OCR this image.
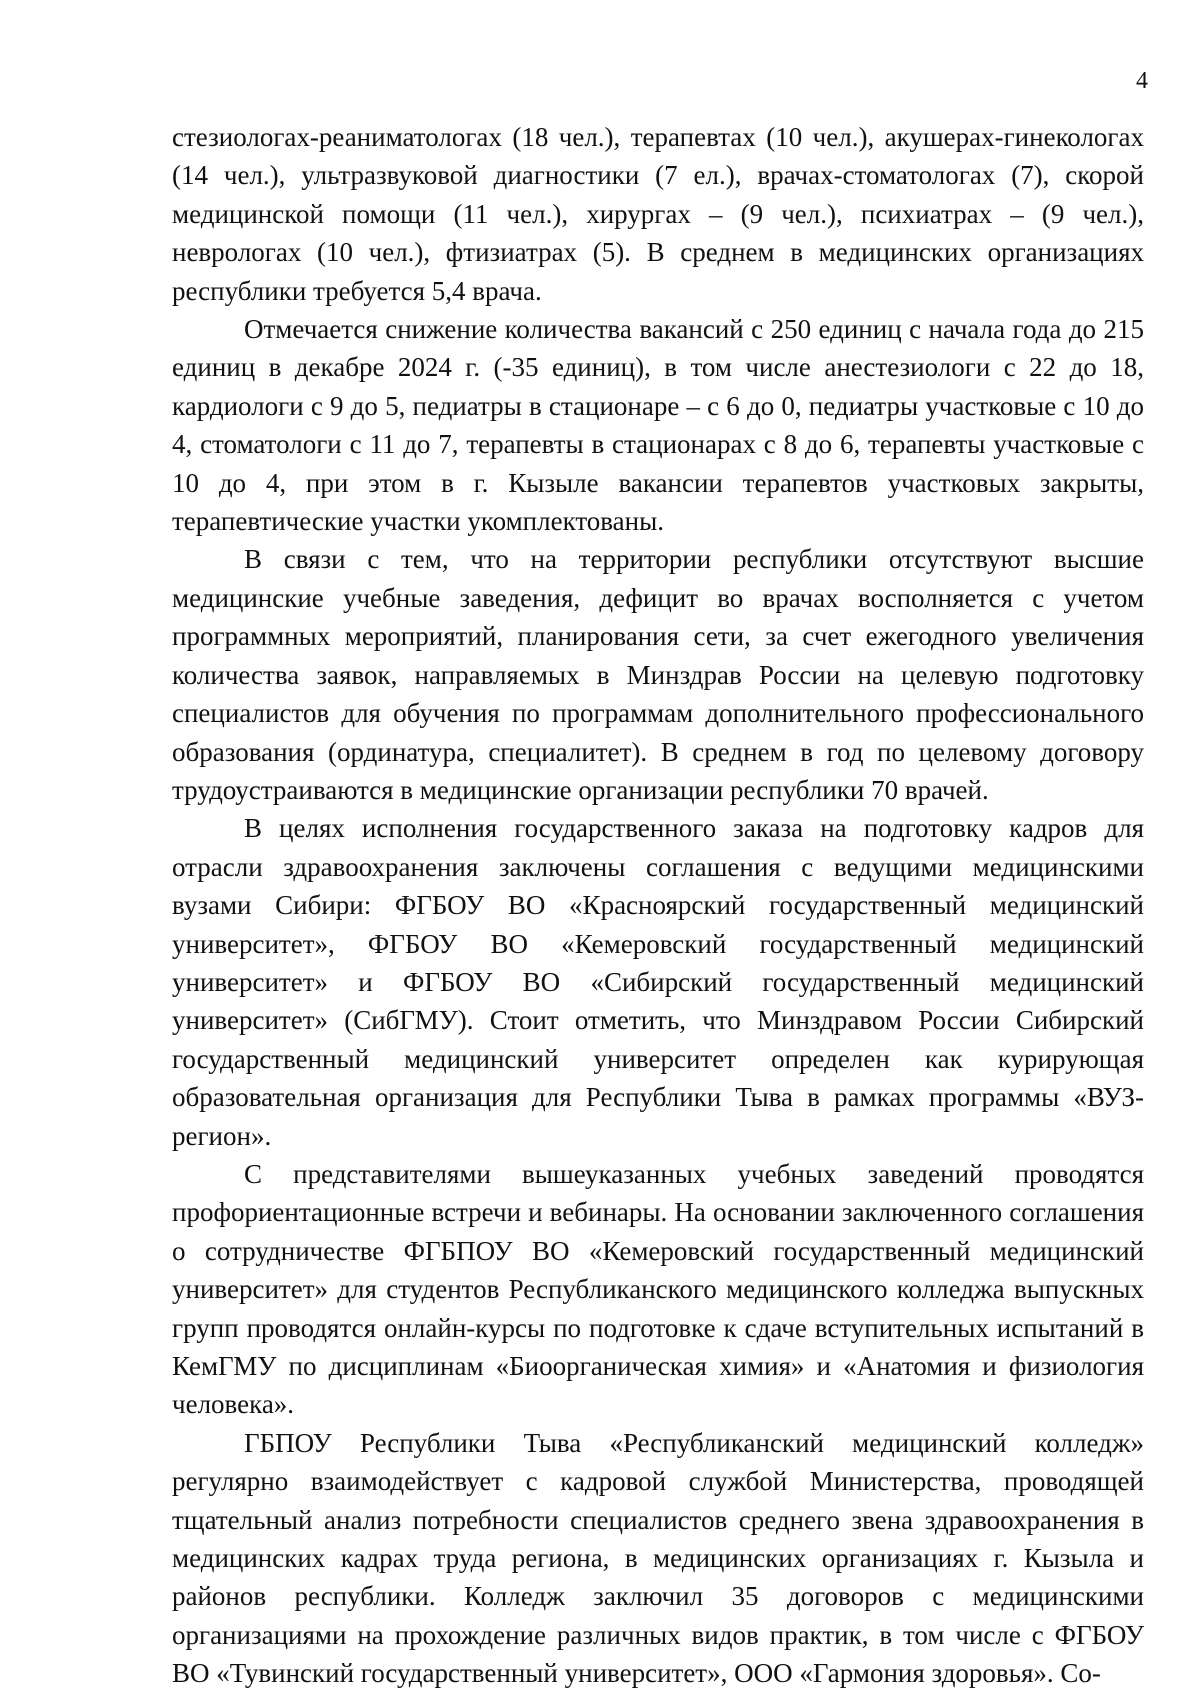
4

стезиологах-реаниматологах (18 чел.), терапевтах (10 чел.), акушерах-гинекологах (14 чел.), ультразвуковой диагностики (7 ел.), врачах-стоматологах (7), скорой медицинской помощи (11 чел.), хирургах – (9 чел.), психиатрах – (9 чел.), неврологах (10 чел.), фтизиатрах (5). В среднем в медицинских организациях республики требуется 5,4 врача.

Отмечается снижение количества вакансий с 250 единиц с начала года до 215 единиц в декабре 2024 г. (-35 единиц), в том числе анестезиологи с 22 до 18, кардиологи с 9 до 5, педиатры в стационаре – с 6 до 0, педиатры участковые с 10 до 4, стоматологи с 11 до 7, терапевты в стационарах с 8 до 6, терапевты участковые с 10 до 4, при этом в г. Кызыле вакансии терапевтов участковых закрыты, терапевтические участки укомплектованы.

В связи с тем, что на территории республики отсутствуют высшие медицинские учебные заведения, дефицит во врачах восполняется с учетом программных мероприятий, планирования сети, за счет ежегодного увеличения количества заявок, направляемых в Минздрав России на целевую подготовку специалистов для обучения по программам дополнительного профессионального образования (ординатура, специалитет). В среднем в год по целевому договору трудоустраиваются в медицинские организации республики 70 врачей.

В целях исполнения государственного заказа на подготовку кадров для отрасли здравоохранения заключены соглашения с ведущими медицинскими вузами Сибири: ФГБОУ ВО «Красноярский государственный медицинский университет», ФГБОУ ВО «Кемеровский государственный медицинский университет» и ФГБОУ ВО «Сибирский государственный медицинский университет» (СибГМУ). Стоит отметить, что Минздравом России Сибирский государственный медицинский университет определен как курирующая образовательная организация для Республики Тыва в рамках программы «ВУЗ-регион».

С представителями вышеуказанных учебных заведений проводятся профориентационные встречи и вебинары. На основании заключенного соглашения о сотрудничестве ФГБПОУ ВО «Кемеровский государственный медицинский университет» для студентов Республиканского медицинского колледжа выпускных групп проводятся онлайн-курсы по подготовке к сдаче вступительных испытаний в КемГМУ по дисциплинам «Биоорганическая химия» и «Анатомия и физиология человека».

ГБПОУ Республики Тыва «Республиканский медицинский колледж» регулярно взаимодействует с кадровой службой Министерства, проводящей тщательный анализ потребности специалистов среднего звена здравоохранения в медицинских кадрах труда региона, в медицинских организациях г. Кызыла и районов республики. Колледж заключил 35 договоров с медицинскими организациями на прохождение различных видов практик, в том числе с ФГБОУ ВО «Тувинский государственный университет», ООО «Гармония здоровья». Со-
